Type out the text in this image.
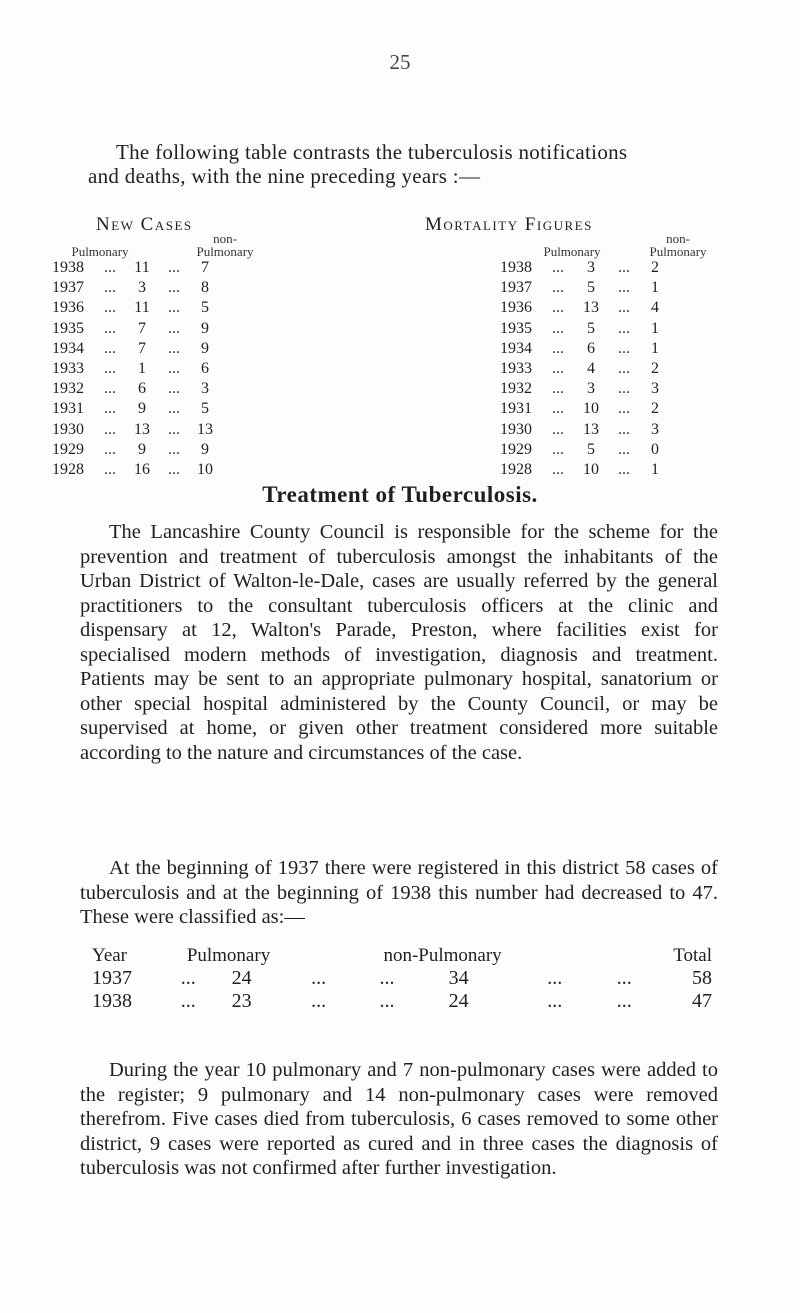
25
The following table contrasts the tuberculosis notifications
and deaths, with the nine preceding years :—
New Cases

Pulmonary
non-
Pulmonary
1938	...	11	...	7
1937	...	3	...	8
1936	...	11	...	5
1935	...	7	...	9
1934	...	7	...	9
1933	...	1	...	6
1932	...	6	...	3
1931	...	9	...	5
1930	...	13	...	13
1929	...	9	...	9
1928	...	16	...	10
Mortality Figures

Pulmonary
non-
Pulmonary
1938	...	3	...	2
1937	...	5	...	1
1936	...	13	...	4
1935	...	5	...	1
1934	...	6	...	1
1933	...	4	...	2
1932	...	3	...	3
1931	...	10	...	2
1930	...	13	...	3
1929	...	5	...	0
1928	...	10	...	1
Treatment of Tuberculosis.
The Lancashire County Council is responsible for the scheme for the prevention and treatment of tuberculosis amongst the inhabitants of the Urban District of Walton-le-Dale, cases are usually referred by the general practitioners to the consultant tuberculosis officers at the clinic and dispensary at 12, Walton's Parade, Preston, where facilities exist for specialised modern methods of investigation, diagnosis and treatment. Patients may be sent to an appropriate pulmonary hospital, sanatorium or other special hospital administered by the County Council, or may be supervised at home, or given other treatment considered more suitable according to the nature and circumstances of the case.
At the beginning of 1937 there were registered in this district 58 cases of tuberculosis and at the beginning of 1938 this number had decreased to 47. These were classified as:—
Year	Pulmonary			non-Pulmonary			Total	
1937	...	24	...	...	34	...	...	58
1938	...	23	...	...	24	...	...	47
During the year 10 pulmonary and 7 non-pulmonary cases were added to the register; 9 pulmonary and 14 non-pulmonary cases were removed therefrom. Five cases died from tuberculosis, 6 cases removed to some other district, 9 cases were reported as cured and in three cases the diagnosis of tuberculosis was not confirmed after further investigation.
